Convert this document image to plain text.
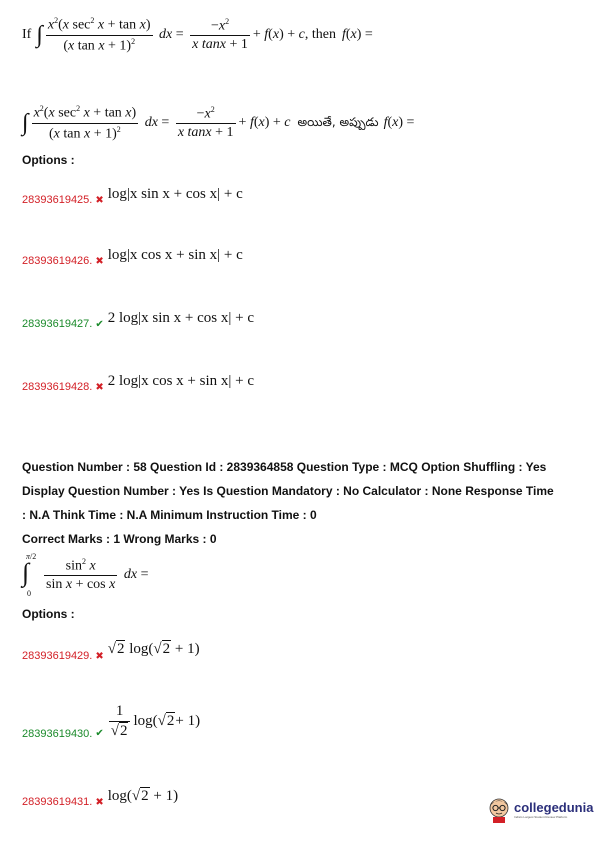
If ∫ $\frac{x^2(x \sec^2 x + \tan x)}{(x \tan x + 1)^2}$ dx = $\frac{-x^2}{\text{x tanx + 1}} + f(x) + c$ , then f(x) =
∫ $\frac{x^2(x \sec^2 x + \tan x)}{(x \tan x + 1)^2}$ dx = $\frac{-x^2}{\text{x tanx + 1}} + f(x) + c$ అయితే, అప్పుడు f(x) =
Options :
28393619425. ✖ log|x sin x + cos x| + c
28393619426. ✖ log|x cos x + sin x| + c
28393619427. ✔ 2 log|x sin x + cos x| + c
28393619428. ✖ 2 log|x cos x + sin x| + c
Question Number : 58 Question Id : 2839364858 Question Type : MCQ Option Shuffling : Yes
Display Question Number : Yes Is Question Mandatory : No Calculator : None Response Time
: N.A Think Time : N.A Minimum Instruction Time : 0
Correct Marks : 1 Wrong Marks : 0
π/2
∫
0
$\frac{\sin^2 x}{\text{sin x + cos x}}$ dx =
Options :
28393619429. ✖ √2 log(√2 + 1)
28393619430. ✔ $\frac{1}{√2} \log(√$ 2 + 1)
28393619431. ✖ log(√2 + 1)
collegedunia
India's Largest Student Review Platform
